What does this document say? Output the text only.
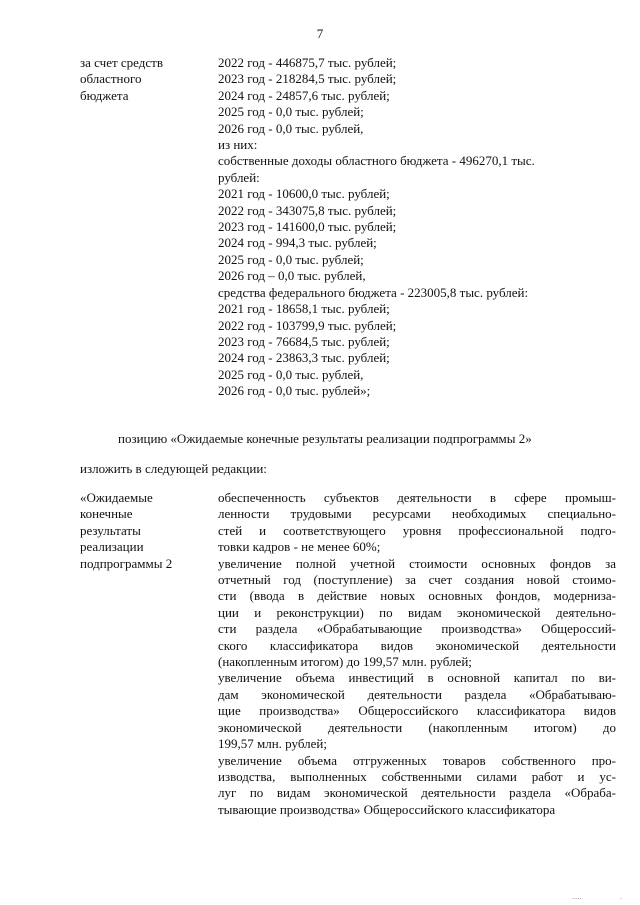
7
за счет средств
областного
бюджета
2022 год - 446875,7 тыс. рублей;
2023 год - 218284,5 тыс. рублей;
2024 год - 24857,6 тыс. рублей;
2025 год - 0,0 тыс. рублей;
2026 год - 0,0 тыс. рублей,
из них:
собственные доходы областного бюджета - 496270,1 тыс.
рублей:
2021 год - 10600,0 тыс. рублей;
2022 год - 343075,8 тыс. рублей;
2023 год - 141600,0 тыс. рублей;
2024 год - 994,3 тыс. рублей;
2025 год - 0,0 тыс. рублей;
2026 год – 0,0 тыс. рублей,
средства федерального бюджета - 223005,8 тыс. рублей:
2021 год - 18658,1 тыс. рублей;
2022 год - 103799,9 тыс. рублей;
2023 год - 76684,5 тыс. рублей;
2024 год - 23863,3 тыс. рублей;
2025 год - 0,0 тыс. рублей,
2026 год - 0,0 тыс. рублей»;
позицию «Ожидаемые конечные результаты реализации подпрограммы 2»
изложить в следующей редакции:
«Ожидаемые
конечные
результаты
реализации
подпрограммы 2
обеспеченность субъектов деятельности в сфере промыш-
ленности трудовыми ресурсами необходимых специально-
стей и соответствующего уровня профессиональной подго-
товки кадров - не менее 60%;
увеличение полной учетной стоимости основных фондов за
отчетный год (поступление) за счет создания новой стоимо-
сти (ввода в действие новых основных фондов, модерниза-
ции и реконструкции) по видам экономической деятельно-
сти раздела «Обрабатывающие производства» Общероссий-
ского классификатора видов экономической деятельности
(накопленным итогом) до 199,57 млн. рублей;
увеличение объема инвестиций в основной капитал по ви-
дам экономической деятельности раздела «Обрабатываю-
щие производства» Общероссийского классификатора видов
экономической деятельности (накопленным итогом) до
199,57 млн. рублей;
увеличение объема отгруженных товаров собственного про-
изводства, выполненных собственными силами работ и ус-
луг по видам экономической деятельности раздела «Обраба-
тывающие производства» Общероссийского классификатора
·····	·
